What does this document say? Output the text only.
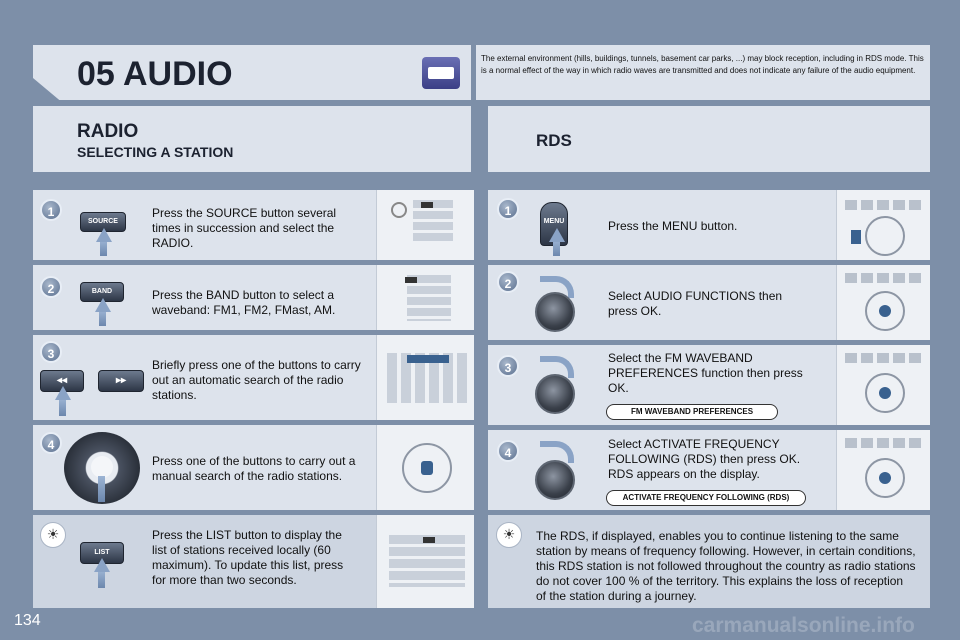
05 AUDIO	The external environment (hills, buildings, tunnels, basement car parks, ...) may block reception, including in RDS mode. This is a normal effect of the way in which radio waves are transmitted and does not indicate any failure of the audio equipment.
RADIO
SELECTING A STATION
RDS
1
SOURCE
Press the SOURCE button several times in succession and select the RADIO.
2	BAND	Press the BAND button to select a waveband: FM1, FM2, FMast, AM.
3
◂◂	▸▸
Briefly press one of the buttons to carry out an automatic search of the radio stations.
4
Press one of the buttons to carry out a manual search of the radio stations.
☀
LIST
Press the LIST button to display the list of stations received locally (60 maximum). To update this list, press for more than two seconds.
1
MENU	Press the MENU button.
2
Select AUDIO FUNCTIONS then press OK.
3
Select the FM WAVEBAND PREFERENCES function then press OK.
FM WAVEBAND PREFERENCES
4
Select ACTIVATE FREQUENCY FOLLOWING (RDS) then press OK. RDS appears on the display.
ACTIVATE FREQUENCY FOLLOWING (RDS)
☀	The RDS, if displayed, enables you to continue listening to the same station by means of frequency following. However, in certain conditions, this RDS station is not followed throughout the country as radio stations do not cover 100 % of the territory. This explains the loss of reception of the station during a journey.
134	carmanualsonline.info
